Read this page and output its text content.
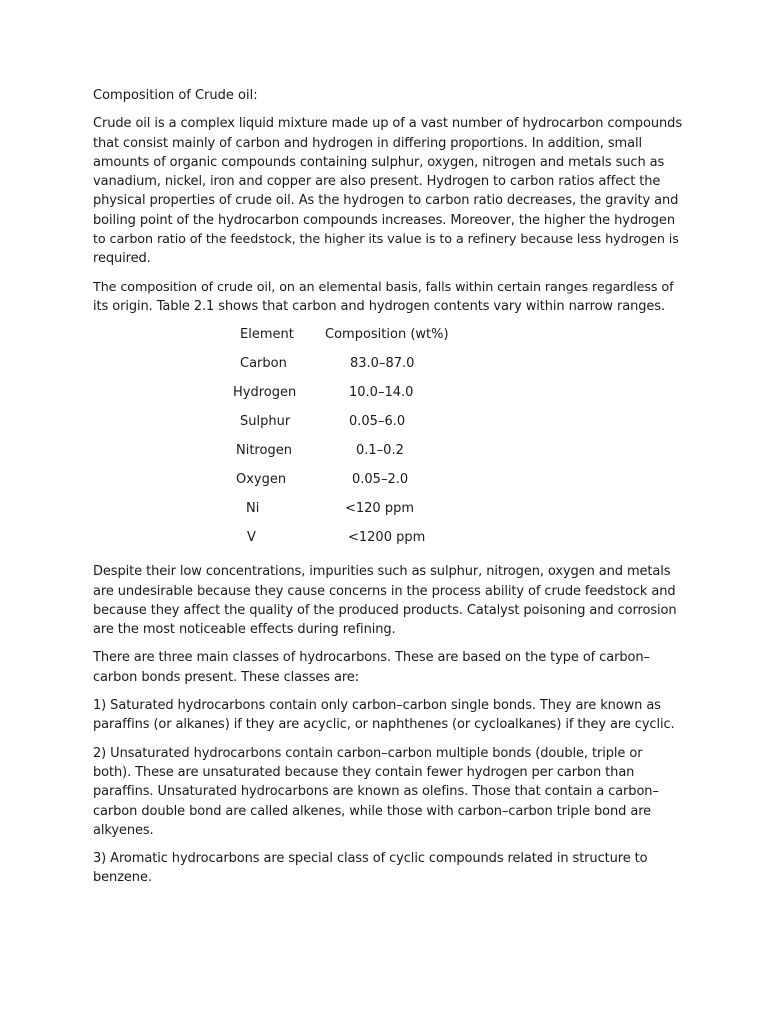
Composition of Crude oil:
Crude oil is a complex liquid mixture made up of a vast number of hydrocarbon compounds
that consist mainly of carbon and hydrogen in differing proportions. In addition, small
amounts of organic compounds containing sulphur, oxygen, nitrogen and metals such as
vanadium, nickel, iron and copper are also present. Hydrogen to carbon ratios affect the
physical properties of crude oil. As the hydrogen to carbon ratio decreases, the gravity and
boiling point of the hydrocarbon compounds increases. Moreover, the higher the hydrogen
to carbon ratio of the feedstock, the higher its value is to a refinery because less hydrogen is
required.
The composition of crude oil, on an elemental basis, falls within certain ranges regardless of
its origin. Table 2.1 shows that carbon and hydrogen contents vary within narrow ranges.
Element Composition (wt%)
Carbon	83.0–87.0
Hydrogen	10.0–14.0
Sulphur	0.05–6.0
Nitrogen	0.1–0.2
Oxygen	0.05–2.0
Ni	<120 ppm
V	<1200 ppm
Despite their low concentrations, impurities such as sulphur, nitrogen, oxygen and metals
are undesirable because they cause concerns in the process ability of crude feedstock and
because they affect the quality of the produced products. Catalyst poisoning and corrosion
are the most noticeable effects during refining.
There are three main classes of hydrocarbons. These are based on the type of carbon–
carbon bonds present. These classes are:
1) Saturated hydrocarbons contain only carbon–carbon single bonds. They are known as
paraffins (or alkanes) if they are acyclic, or naphthenes (or cycloalkanes) if they are cyclic.
2) Unsaturated hydrocarbons contain carbon–carbon multiple bonds (double, triple or
both). These are unsaturated because they contain fewer hydrogen per carbon than
paraffins. Unsaturated hydrocarbons are known as olefins. Those that contain a carbon–
carbon double bond are called alkenes, while those with carbon–carbon triple bond are
alkyenes.
3) Aromatic hydrocarbons are special class of cyclic compounds related in structure to
benzene.
